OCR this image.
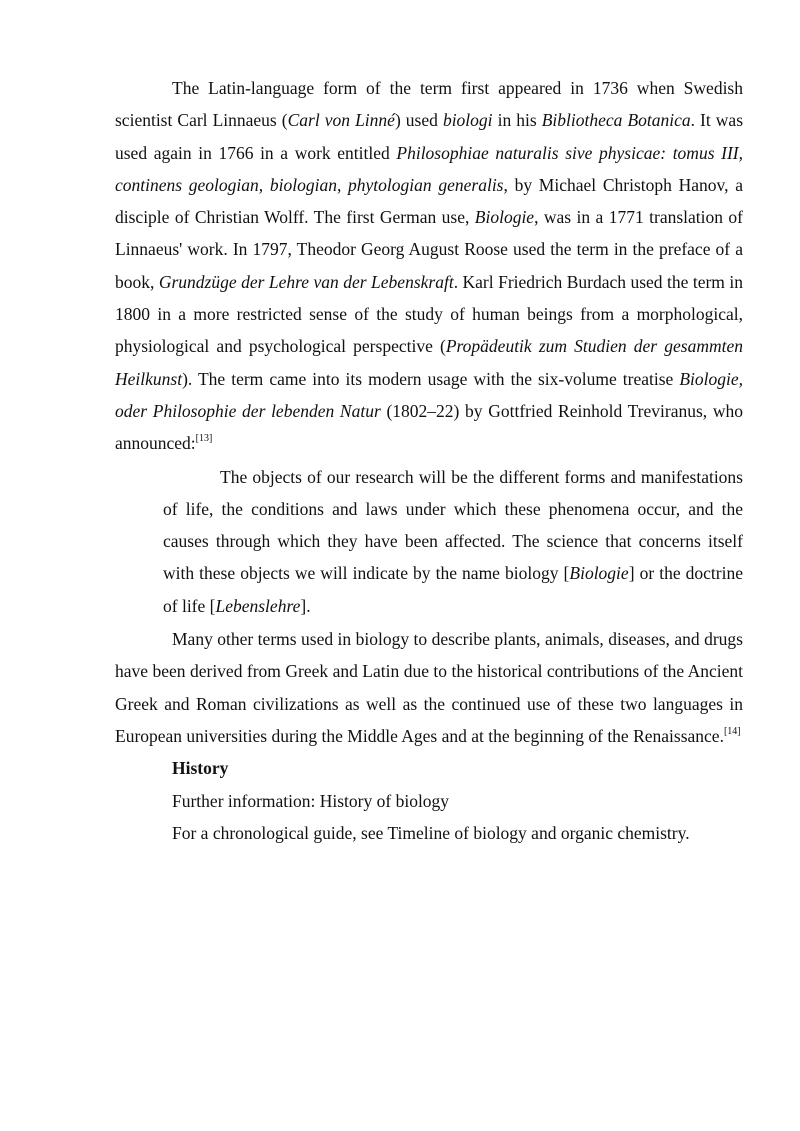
The Latin-language form of the term first appeared in 1736 when Swedish scientist Carl Linnaeus (Carl von Linné) used biologi in his Bibliotheca Botanica. It was used again in 1766 in a work entitled Philosophiae naturalis sive physicae: tomus III, continens geologian, biologian, phytologian generalis, by Michael Christoph Hanov, a disciple of Christian Wolff. The first German use, Biologie, was in a 1771 translation of Linnaeus' work. In 1797, Theodor Georg August Roose used the term in the preface of a book, Grundzüge der Lehre van der Lebenskraft. Karl Friedrich Burdach used the term in 1800 in a more restricted sense of the study of human beings from a morphological, physiological and psychological perspective (Propädeutik zum Studien der gesammten Heilkunst). The term came into its modern usage with the six-volume treatise Biologie, oder Philosophie der lebenden Natur (1802–22) by Gottfried Reinhold Treviranus, who announced:[13]

The objects of our research will be the different forms and manifestations of life, the conditions and laws under which these phenomena occur, and the causes through which they have been affected. The science that concerns itself with these objects we will indicate by the name biology [Biologie] or the doctrine of life [Lebenslehre].

Many other terms used in biology to describe plants, animals, diseases, and drugs have been derived from Greek and Latin due to the historical contributions of the Ancient Greek and Roman civilizations as well as the continued use of these two languages in European universities during the Middle Ages and at the beginning of the Renaissance.[14]

History

Further information: History of biology

For a chronological guide, see Timeline of biology and organic chemistry.
